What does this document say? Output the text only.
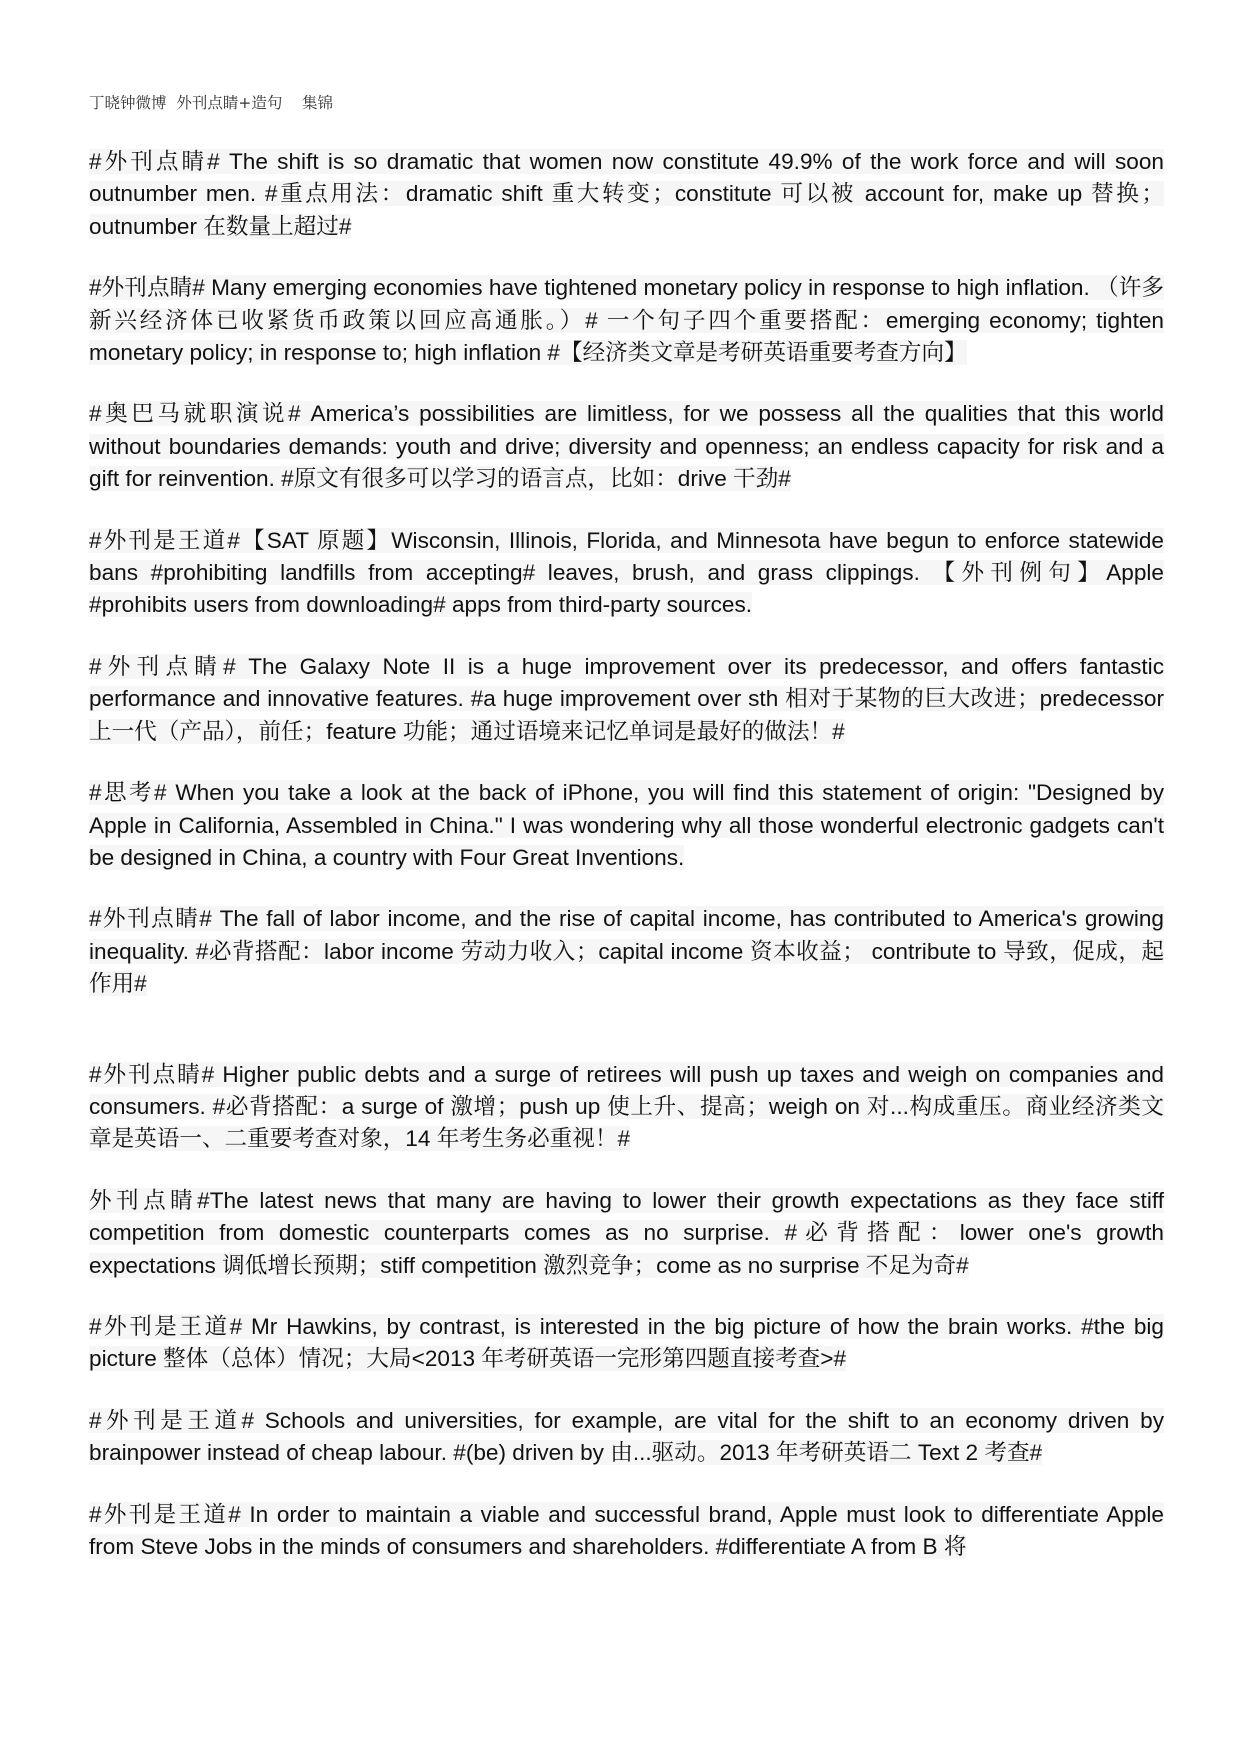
丁晓钟微博  外刊点睛+造句    集锦

#外刊点睛# The shift is so dramatic that women now constitute 49.9% of the work force and will soon outnumber men. #重点用法：dramatic shift 重大转变；constitute 可以被 account for, make up 替换；outnumber 在数量上超过#

#外刊点睛# Many emerging economies have tightened monetary policy in response to high inflation. （许多新兴经济体已收紧货币政策以回应高通胀。）# 一个句子四个重要搭配：emerging economy; tighten monetary policy; in response to; high inflation #【经济类文章是考研英语重要考查方向】

#奥巴马就职演说# America’s possibilities are limitless, for we possess all the qualities that this world without boundaries demands: youth and drive; diversity and openness; an endless capacity for risk and a gift for reinvention. #原文有很多可以学习的语言点，比如：drive 干劲#

#外刊是王道#【SAT 原题】Wisconsin, Illinois, Florida, and Minnesota have begun to enforce statewide bans #prohibiting landfills from accepting# leaves, brush, and grass clippings. 【外刊例句】Apple #prohibits users from downloading# apps from third-party sources.

#外刊点睛# The Galaxy Note II is a huge improvement over its predecessor, and offers fantastic performance and innovative features. #a huge improvement over sth 相对于某物的巨大改进；predecessor 上一代（产品），前任；feature 功能；通过语境来记忆单词是最好的做法！#

#思考# When you take a look at the back of iPhone, you will find this statement of origin: "Designed by Apple in California, Assembled in China." I was wondering why all those wonderful electronic gadgets can't be designed in China, a country with Four Great Inventions.

#外刊点睛# The fall of labor income, and the rise of capital income, has contributed to America's growing inequality. #必背搭配：labor income 劳动力收入；capital income 资本收益； contribute to 导致，促成，起作用#

#外刊点睛# Higher public debts and a surge of retirees will push up taxes and weigh on companies and consumers. #必背搭配：a surge of 激增；push up 使上升、提高；weigh on 对...构成重压。商业经济类文章是英语一、二重要考查对象，14 年考生务必重视！#

外刊点睛#The latest news that many are having to lower their growth expectations as they face stiff competition from domestic counterparts comes as no surprise. #必背搭配：lower one's growth expectations 调低增长预期；stiff competition 激烈竞争；come as no surprise 不足为奇#

#外刊是王道# Mr Hawkins, by contrast, is interested in the big picture of how the brain works. #the big picture 整体（总体）情况；大局<2013 年考研英语一完形第四题直接考查>#

#外刊是王道# Schools and universities, for example, are vital for the shift to an economy driven by brainpower instead of cheap labour. #(be) driven by 由...驱动。2013 年考研英语二 Text 2 考查#

#外刊是王道# In order to maintain a viable and successful brand, Apple must look to differentiate Apple from Steve Jobs in the minds of consumers and shareholders. #differentiate A from B 将
